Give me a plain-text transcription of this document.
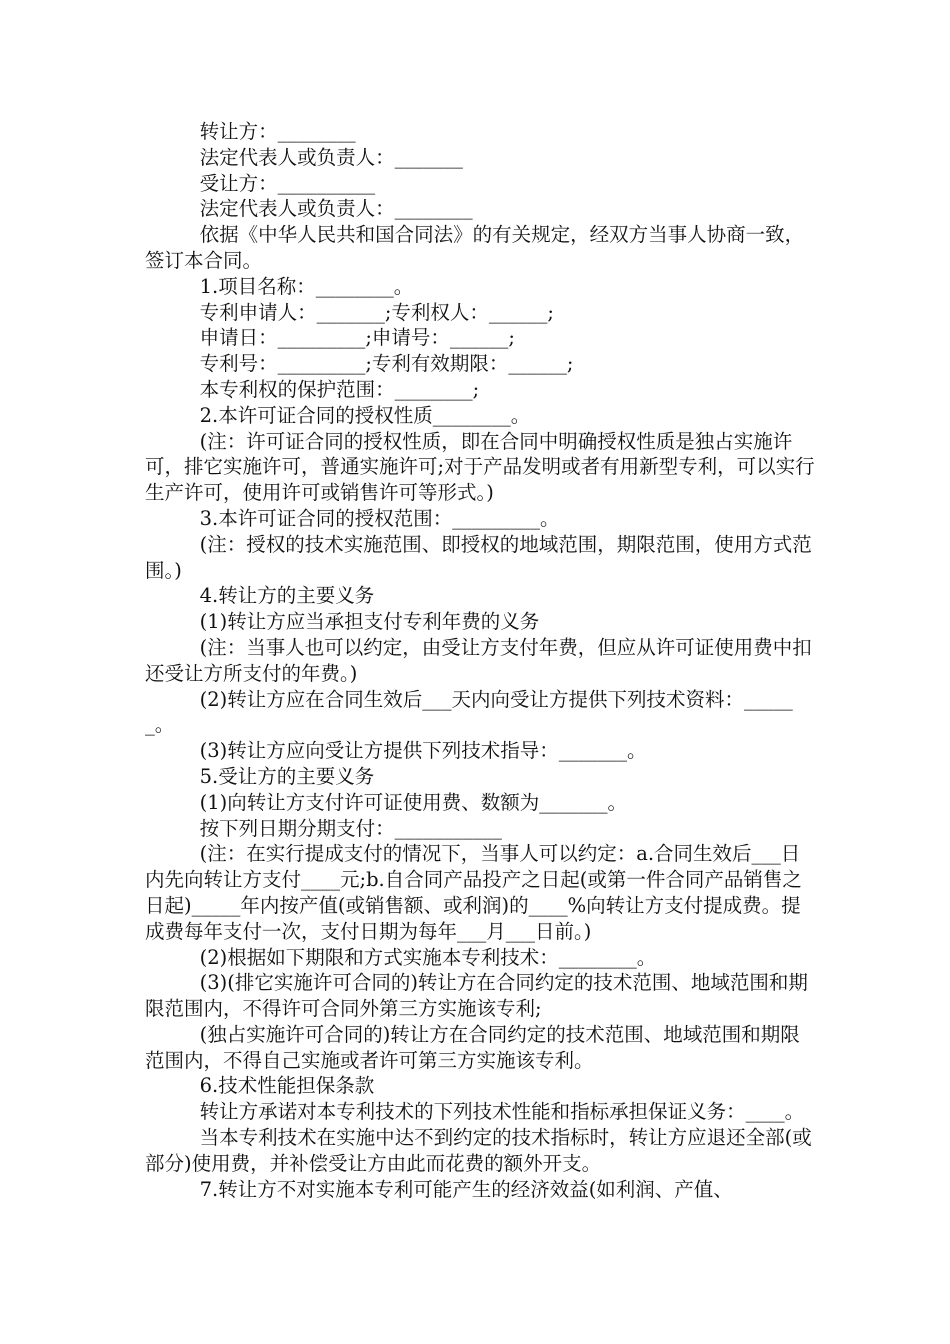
转让方：________

法定代表人或负责人：_______

受让方：__________

法定代表人或负责人：________

依据《中华人民共和国合同法》的有关规定，经双方当事人协商一致，签订本合同。

1.项目名称：________。

专利申请人：_______;专利权人：______;

申请日：_________;申请号：______;

专利号：_________;专利有效期限：______;

本专利权的保护范围：________;

2.本许可证合同的授权性质________。

(注：许可证合同的授权性质，即在合同中明确授权性质是独占实施许可，排它实施许可，普通实施许可;对于产品发明或者有用新型专利，可以实行生产许可，使用许可或销售许可等形式。)

3.本许可证合同的授权范围：_________。

(注：授权的技术实施范围、即授权的地域范围，期限范围，使用方式范围。)

4.转让方的主要义务

(1)转让方应当承担支付专利年费的义务

(注：当事人也可以约定，由受让方支付年费，但应从许可证使用费中扣还受让方所支付的年费。)

(2)转让方应在合同生效后___天内向受让方提供下列技术资料：______。

(3)转让方应向受让方提供下列技术指导：_______。

5.受让方的主要义务

(1)向转让方支付许可证使用费、数额为_______。

按下列日期分期支付：___________

(注：在实行提成支付的情况下，当事人可以约定：a.合同生效后___日内先向转让方支付____元;b.自合同产品投产之日起(或第一件合同产品销售之日起)_____年内按产值(或销售额、或利润)的____%向转让方支付提成费。提成费每年支付一次，支付日期为每年___月___日前。)

(2)根据如下期限和方式实施本专利技术：________。

(3)(排它实施许可合同的)转让方在合同约定的技术范围、地域范围和期限范围内，不得许可合同外第三方实施该专利;

(独占实施许可合同的)转让方在合同约定的技术范围、地域范围和期限范围内，不得自己实施或者许可第三方实施该专利。

6.技术性能担保条款

转让方承诺对本专利技术的下列技术性能和指标承担保证义务：____。

当本专利技术在实施中达不到约定的技术指标时，转让方应退还全部(或部分)使用费，并补偿受让方由此而花费的额外开支。

7.转让方不对实施本专利可能产生的经济效益(如利润、产值、
